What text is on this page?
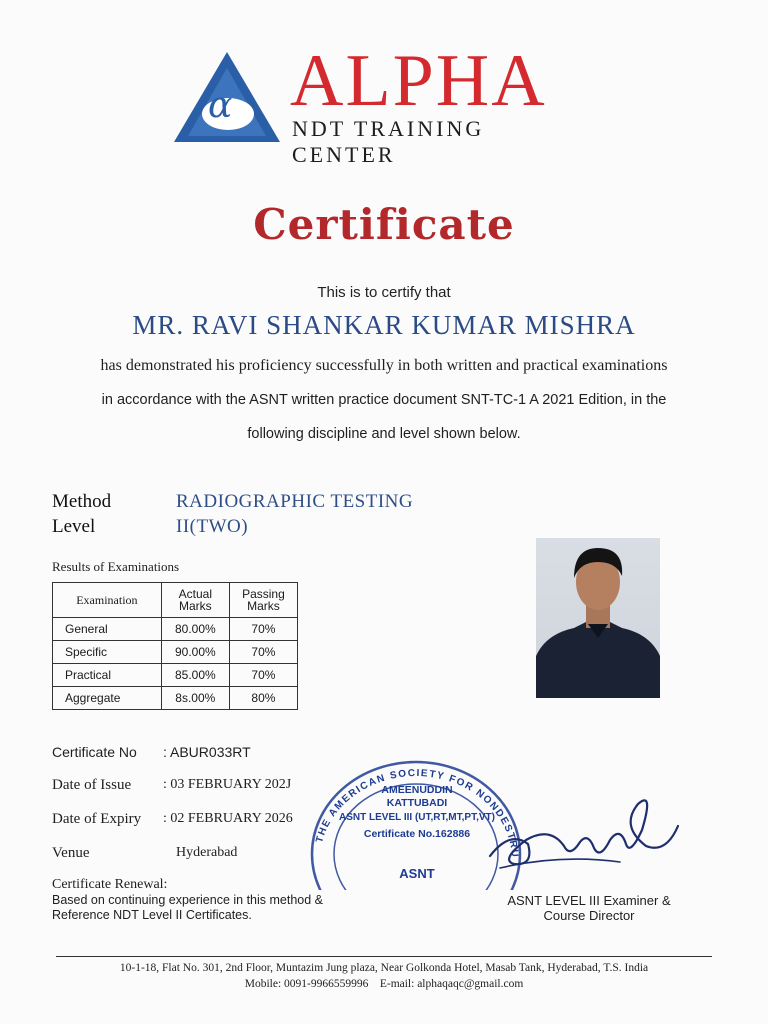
α ALPHA
NDT TRAINING CENTER
Certificate
This is to certify that
MR. RAVI SHANKAR KUMAR MISHRA
has demonstrated his proficiency successfully in both written and practical examinations
in accordance with the ASNT written practice document SNT-TC-1 A 2021 Edition, in the
following discipline and level shown below.
Method	RADIOGRAPHIC TESTING
Level	II(TWO)
Results of Examinations
Examination	Actual Marks	Passing Marks
General	80.00%	70%
Specific	90.00%	70%
Practical	85.00%	70%
Aggregate	8s.00%	80%
Certificate No : ABUR033RT
Date of Issue : 03 FEBRUARY 202J
Date of Expiry : 02 FEBRUARY 2026
Venue	Hyderabad
Certificate Renewal:
Based on continuing experience in this method &
Reference NDT Level II Certificates.
THE AMERICAN SOCIETY FOR NONDESTRU
AMEENUDDIN
KATTUBADI
ASNT LEVEL III (UT,RT,MT,PT,VT)
Certificate No.162886
ASNT
ASNT LEVEL III Examiner &
Course Director
10-1-18, Flat No. 301, 2nd Floor, Muntazim Jung plaza, Near Golkonda Hotel, Masab Tank, Hyderabad, T.S. India
Mobile: 0091-9966559996    E-mail: alphaqaqc@gmail.com
